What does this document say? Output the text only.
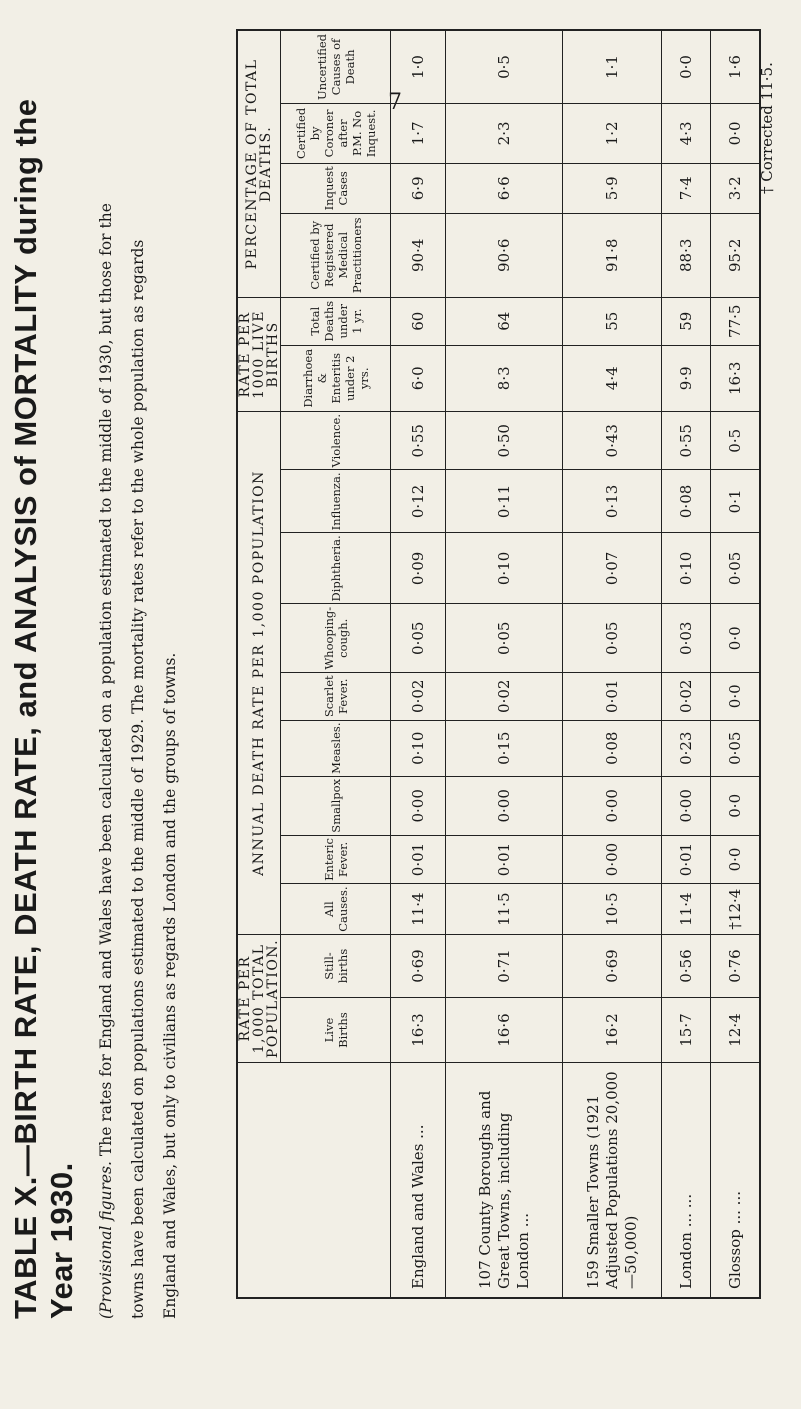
7
TABLE X.—BIRTH RATE, DEATH RATE, and ANALYSIS of MORTALITY during the Year 1930.	(Provisional figures. The rates for England and Wales have been calculated on a population estimated to the middle of 1930, but those for the towns have been calculated on populations estimated to the middle of 1929. The mortality rates refer to the whole population as regards England and Wales, but only to civilians as regards London and the groups of towns.

		RATE PER 1,000 TOTAL POPULATION.		ANNUAL DEATH RATE PER 1,000 POPULATION									RATE PER 1000 LIVE BIRTHS		PERCENTAGE OF TOTAL DEATHS.			
	Live Births	Still-births	All Causes.	Enteric Fever.	Smallpox	Measles.	Scarlet Fever.	Whooping-cough.	Diphtheria.	Influenza.	Violence.	Diarrhoea & Enteritis under 2 yrs.	Total Deaths under 1 yr.	Certified by Registered Medical Practitioners	Inquest Cases	Certified by Coroner after P.M. No Inquest.	Uncertified Causes of Death
England and Wales ...	16·3	0·69	11·4	0·01	0·00	0·10	0·02	0·05	0·09	0·12	0·55	6·0	60	90·4	6·9	1·7	1·0
107 County Boroughs and Great Towns, including London ...	16·6	0·71	11·5	0·01	0·00	0·15	0·02	0·05	0·10	0·11	0·50	8·3	64	90·6	6·6	2·3	0·5
159 Smaller Towns (1921 Adjusted Populations 20,000—50,000)	16·2	0·69	10·5	0·00	0·00	0·08	0·01	0·05	0·07	0·13	0·43	4·4	55	91·8	5·9	1·2	1·1
London ... ...	15·7	0·56	11·4	0·01	0·00	0·23	0·02	0·03	0·10	0·08	0·55	9·9	59	88·3	7·4	4·3	0·0
Glossop ... ...	12·4	0·76	†12·4	0·0	0·0	0·05	0·0	0·0	0·05	0·1	0·5	16·3	77·5	95·2	3·2	0·0	1·6 † Corrected 11·5.
